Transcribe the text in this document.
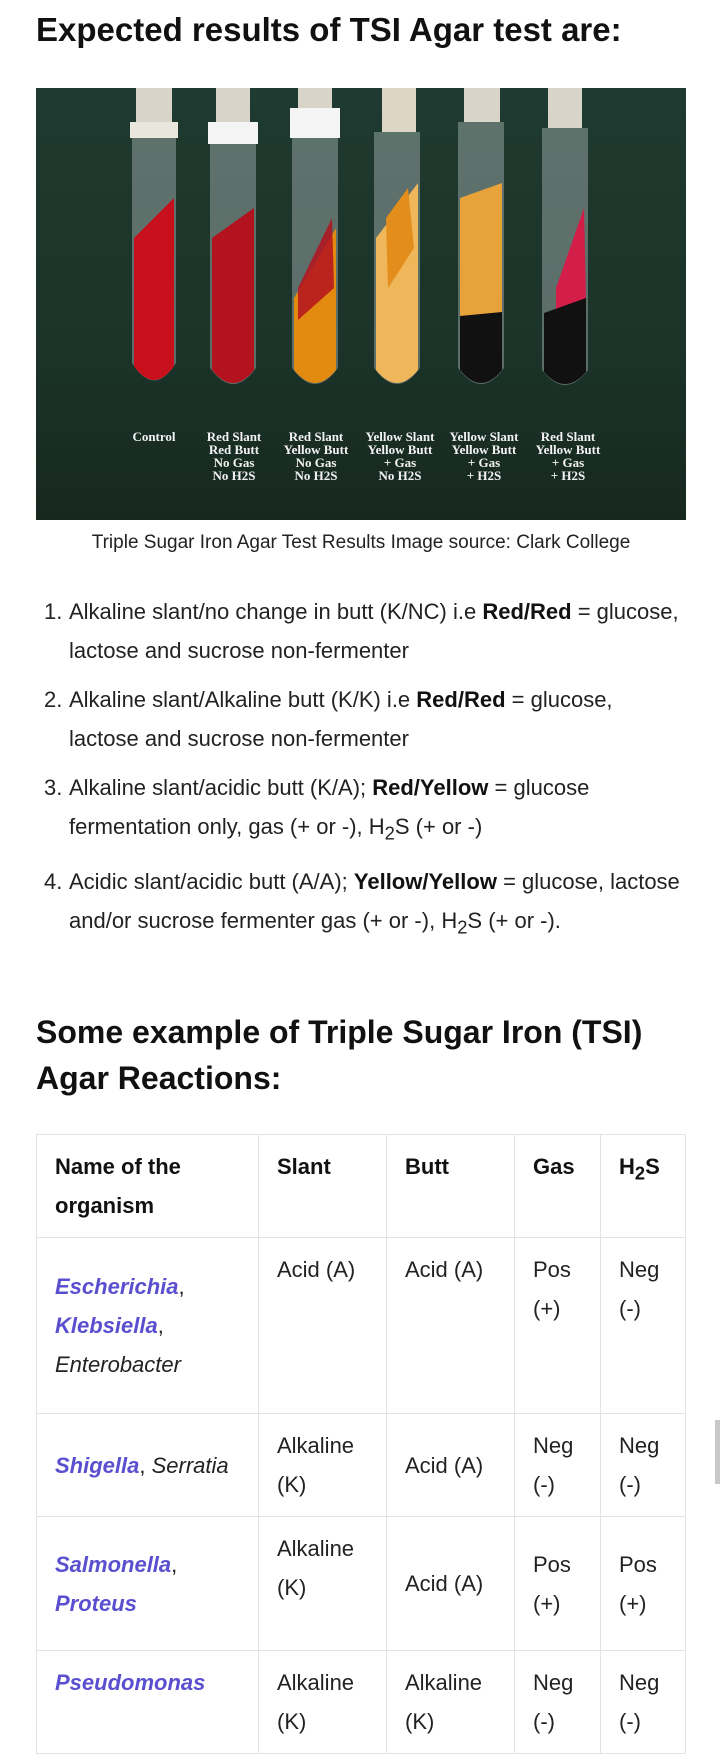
Expected results of TSI Agar test are:
Control	Red Slant
Red Butt
No Gas
No H2S
Red Slant
Yellow Butt
No Gas
No H2S
Yellow Slant
Yellow Butt
+ Gas
No H2S
Yellow Slant
Yellow Butt
+ Gas
+ H2S
Red Slant
Yellow Butt
+ Gas
+ H2S
Triple Sugar Iron Agar Test Results Image source: Clark College
1. Alkaline slant/no change in butt (K/NC) i.e Red/Red = glucose, lactose and sucrose non-fermenter
2. Alkaline slant/Alkaline butt (K/K) i.e Red/Red = glucose, lactose and sucrose non-fermenter
3. Alkaline slant/acidic butt (K/A); Red/Yellow = glucose fermentation only, gas (+ or -), $H_2S$ (+ or -)
4. Acidic slant/acidic butt (A/A); Yellow/Yellow = glucose, lactose and/or sucrose fermenter gas (+ or -), $H_2S$ (+ or -).
Some example of Triple Sugar Iron (TSI) Agar Reactions:
Name of the organism	Slant	Butt	Gas	$H_2S$
Escherichia,
Klebsiella,
Enterobacter	Acid (A)	Acid (A)	Pos (+)	Neg (-)
Shigella, Serratia	Alkaline (K)	Acid (A)	Neg (-)	Neg (-)
Salmonella,
Proteus	Alkaline (K)	Acid (A)	Pos (+)	Pos (+)
Pseudomonas	Alkaline (K)	Alkaline (K)	Neg (-)	Neg (-)
